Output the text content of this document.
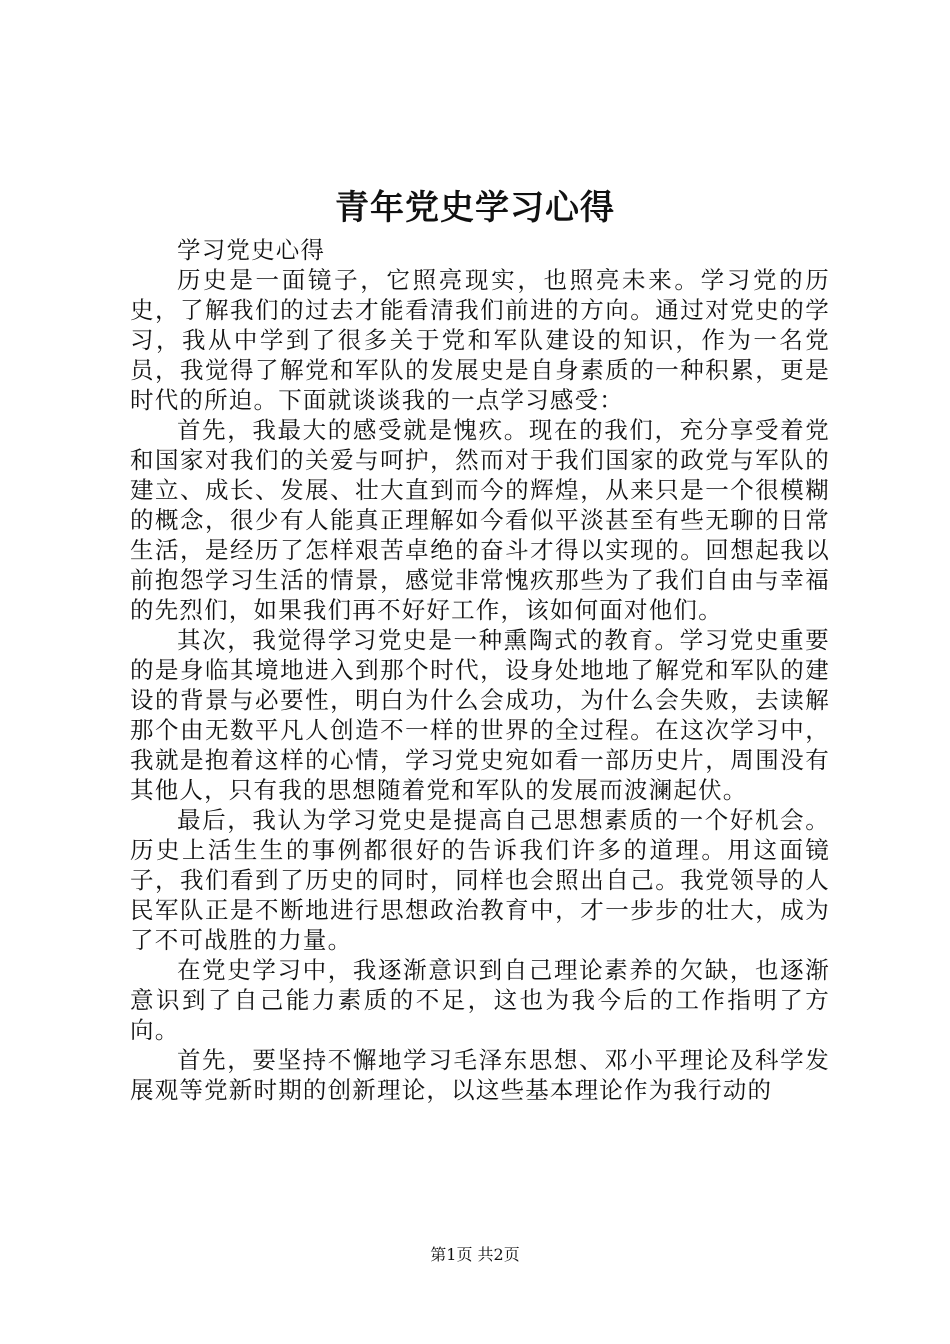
青年党史学习心得

学习党史心得

历史是一面镜子，它照亮现实，也照亮未来。学习党的历史，了解我们的过去才能看清我们前进的方向。通过对党史的学习，我从中学到了很多关于党和军队建设的知识，作为一名党员，我觉得了解党和军队的发展史是自身素质的一种积累，更是时代的所迫。下面就谈谈我的一点学习感受：

首先，我最大的感受就是愧疚。现在的我们，充分享受着党和国家对我们的关爱与呵护，然而对于我们国家的政党与军队的建立、成长、发展、壮大直到而今的辉煌，从来只是一个很模糊的概念，很少有人能真正理解如今看似平淡甚至有些无聊的日常生活，是经历了怎样艰苦卓绝的奋斗才得以实现的。回想起我以前抱怨学习生活的情景，感觉非常愧疚那些为了我们自由与幸福的先烈们，如果我们再不好好工作，该如何面对他们。

其次，我觉得学习党史是一种熏陶式的教育。学习党史重要的是身临其境地进入到那个时代，设身处地地了解党和军队的建设的背景与必要性，明白为什么会成功，为什么会失败，去读解那个由无数平凡人创造不一样的世界的全过程。在这次学习中，我就是抱着这样的心情，学习党史宛如看一部历史片，周围没有其他人，只有我的思想随着党和军队的发展而波澜起伏。

最后，我认为学习党史是提高自己思想素质的一个好机会。历史上活生生的事例都很好的告诉我们许多的道理。用这面镜子，我们看到了历史的同时，同样也会照出自己。我党领导的人民军队正是不断地进行思想政治教育中，才一步步的壮大，成为了不可战胜的力量。

在党史学习中，我逐渐意识到自己理论素养的欠缺，也逐渐意识到了自己能力素质的不足，这也为我今后的工作指明了方向。

首先，要坚持不懈地学习毛泽东思想、邓小平理论及科学发展观等党新时期的创新理论，以这些基本理论作为我行动的

第1页 共2页
